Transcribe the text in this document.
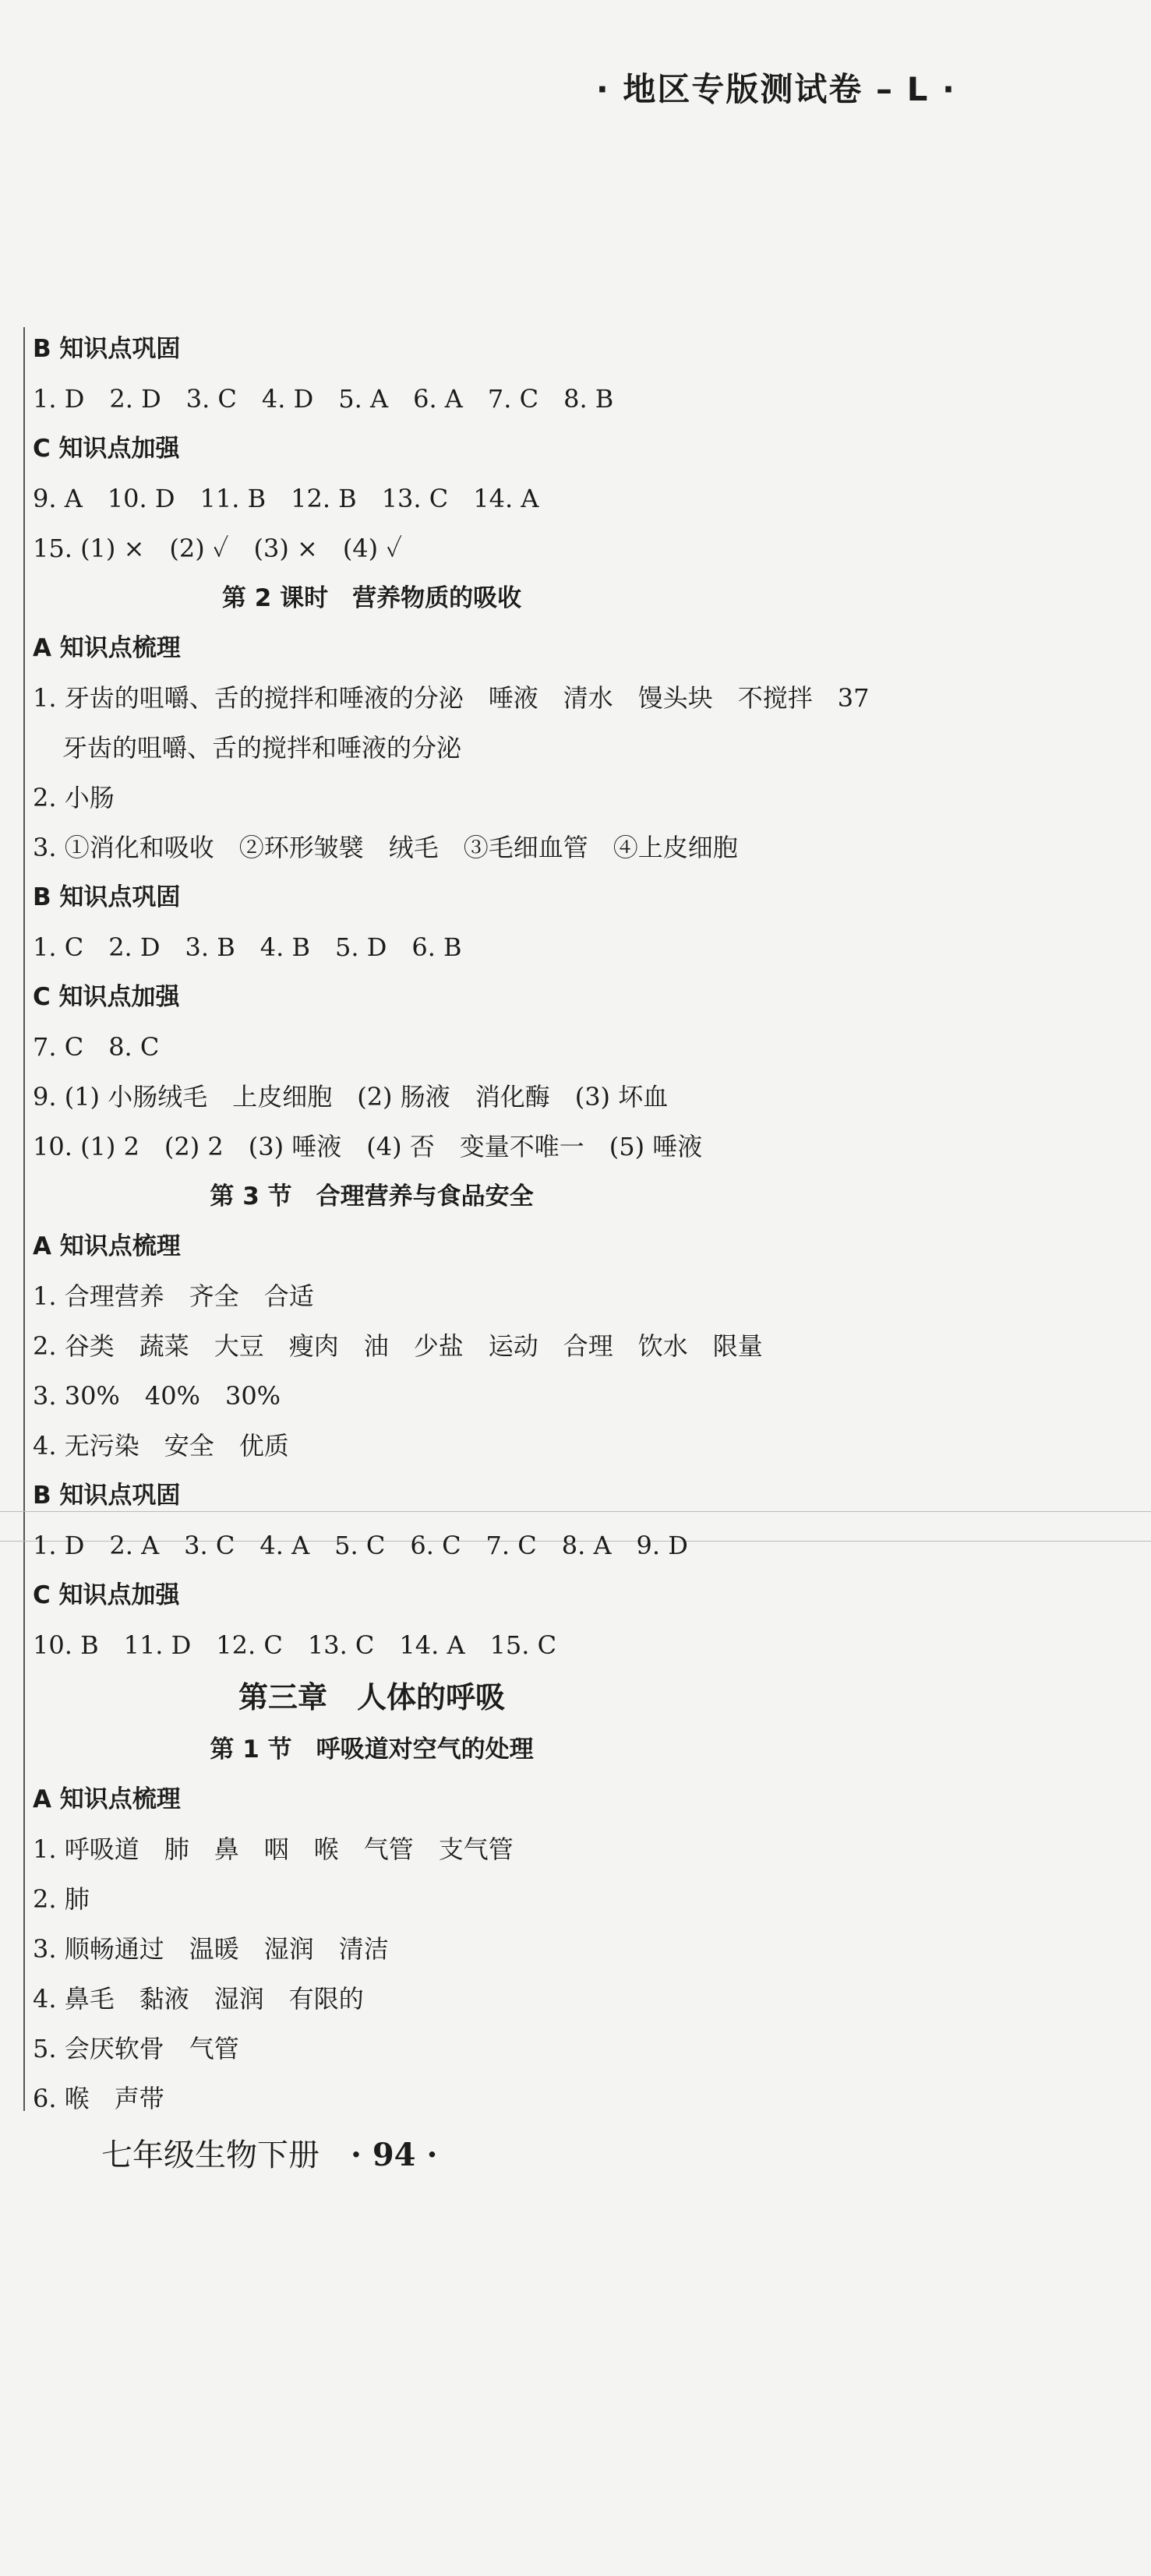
· 地区专版测试卷 – L ·
B 知识点巩固
1. D　2. D　3. C　4. D　5. A　6. A　7. C　8. B
C 知识点加强
9. A　10. D　11. B　12. B　13. C　14. A
15. (1) ×　(2) ✓　(3) ×　(4) ✓
第 2 课时　营养物质的吸收
A 知识点梳理
1. 牙齿的咀嚼、舌的搅拌和唾液的分泌　唾液　清水　馒头块　不搅拌　37
牙齿的咀嚼、舌的搅拌和唾液的分泌
2. 小肠
3. ①消化和吸收　②环形皱襞　绒毛　③毛细血管　④上皮细胞
B 知识点巩固
1. C　2. D　3. B　4. B　5. D　6. B
C 知识点加强
7. C　8. C
9. (1) 小肠绒毛　上皮细胞　(2) 肠液　消化酶　(3) 坏血
10. (1) 2　(2) 2　(3) 唾液　(4) 否　变量不唯一　(5) 唾液
第 3 节　合理营养与食品安全
A 知识点梳理
1. 合理营养　齐全　合适
2. 谷类　蔬菜　大豆　瘦肉　油　少盐　运动　合理　饮水　限量
3. 30%　40%　30%
4. 无污染　安全　优质
B 知识点巩固
1. D　2. A　3. C　4. A　5. C　6. C　7. C　8. A　9. D
C 知识点加强
10. B　11. D　12. C　13. C　14. A　15. C
第三章　人体的呼吸
第 1 节　呼吸道对空气的处理
A 知识点梳理
1. 呼吸道　肺　鼻　咽　喉　气管　支气管
2. 肺
3. 顺畅通过　温暖　湿润　清洁
4. 鼻毛　黏液　湿润　有限的
5. 会厌软骨　气管
6. 喉　声带
七年级生物下册 · 94 ·
